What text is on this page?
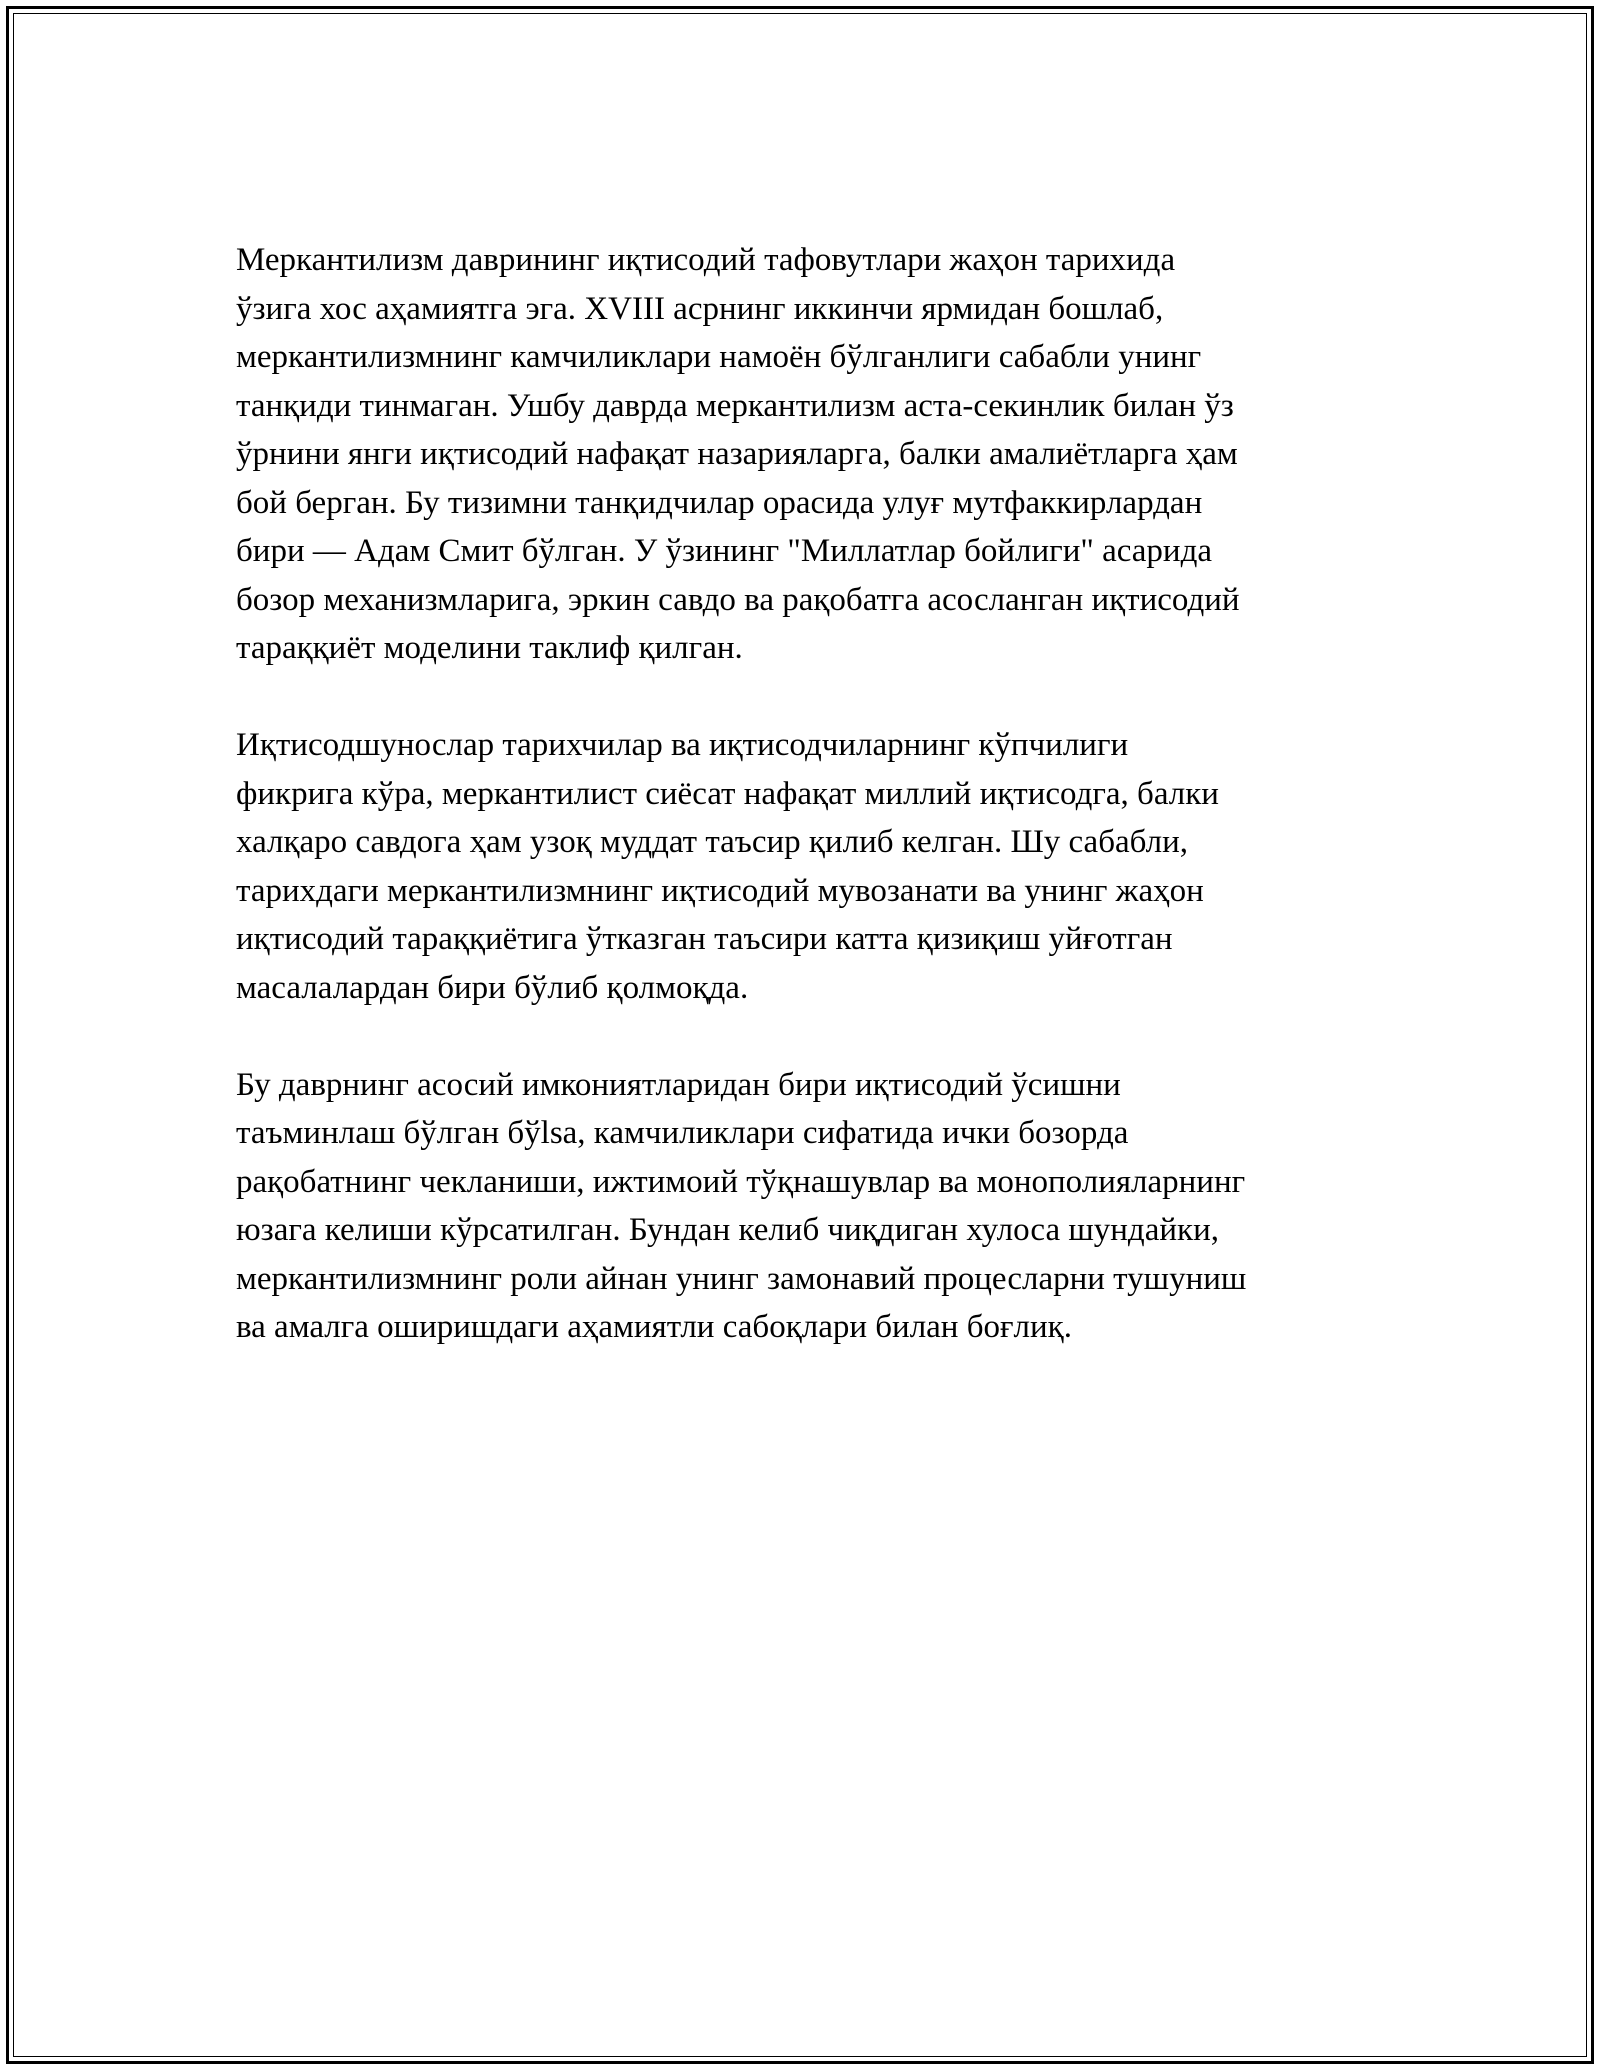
Меркантилизм даврининг иқтисодий тафовутлари жаҳон тарихида
ўзига хос аҳамиятга эга. XVIII асрнинг иккинчи ярмидан бошлаб,
меркантилизмнинг камчиликлари намоён бўлганлиги сабабли унинг
танқиди тинмаган. Ушбу даврда меркантилизм аста-секинлик билан ўз
ўрнини янги иқтисодий нафақат назарияларга, балки амалиётларга ҳам
бой берган. Бу тизимни танқидчилар орасида улуғ мутфаккирлардан
бири — Адам Смит бўлган. У ўзининг "Миллатлар бойлиги" асарида
бозор механизмларига, эркин савдо ва рақобатга асосланган иқтисодий
тараққиёт моделини таклиф қилган.

Иқтисодшунослар тарихчилар ва иқтисодчиларнинг кўпчилиги
фикрига кўра, меркантилист сиёсат нафақат миллий иқтисодга, балки
халқаро савдога ҳам узоқ муддат таъсир қилиб келган. Шу сабабли,
тарихдаги меркантилизмнинг иқтисодий мувозанати ва унинг жаҳон
иқтисодий тараққиётига ўтказган таъсири катта қизиқиш уйғотган
масалалардан бири бўлиб қолмоқда.

Бу даврнинг асосий имкониятларидан бири иқтисодий ўсишни
таъминлаш бўлган бўlsa, камчиликлари сифатида ички бозорда
рақобатнинг чекланиши, ижтимоий тўқнашувлар ва монополияларнинг
юзага келиши кўрсатилган. Бундан келиб чиқдиган хулоса шундайки,
меркантилизмнинг роли айнан унинг замонавий процесларни тушуниш
ва амалга оширишдаги аҳамиятли сабоқлари билан боғлиқ.
